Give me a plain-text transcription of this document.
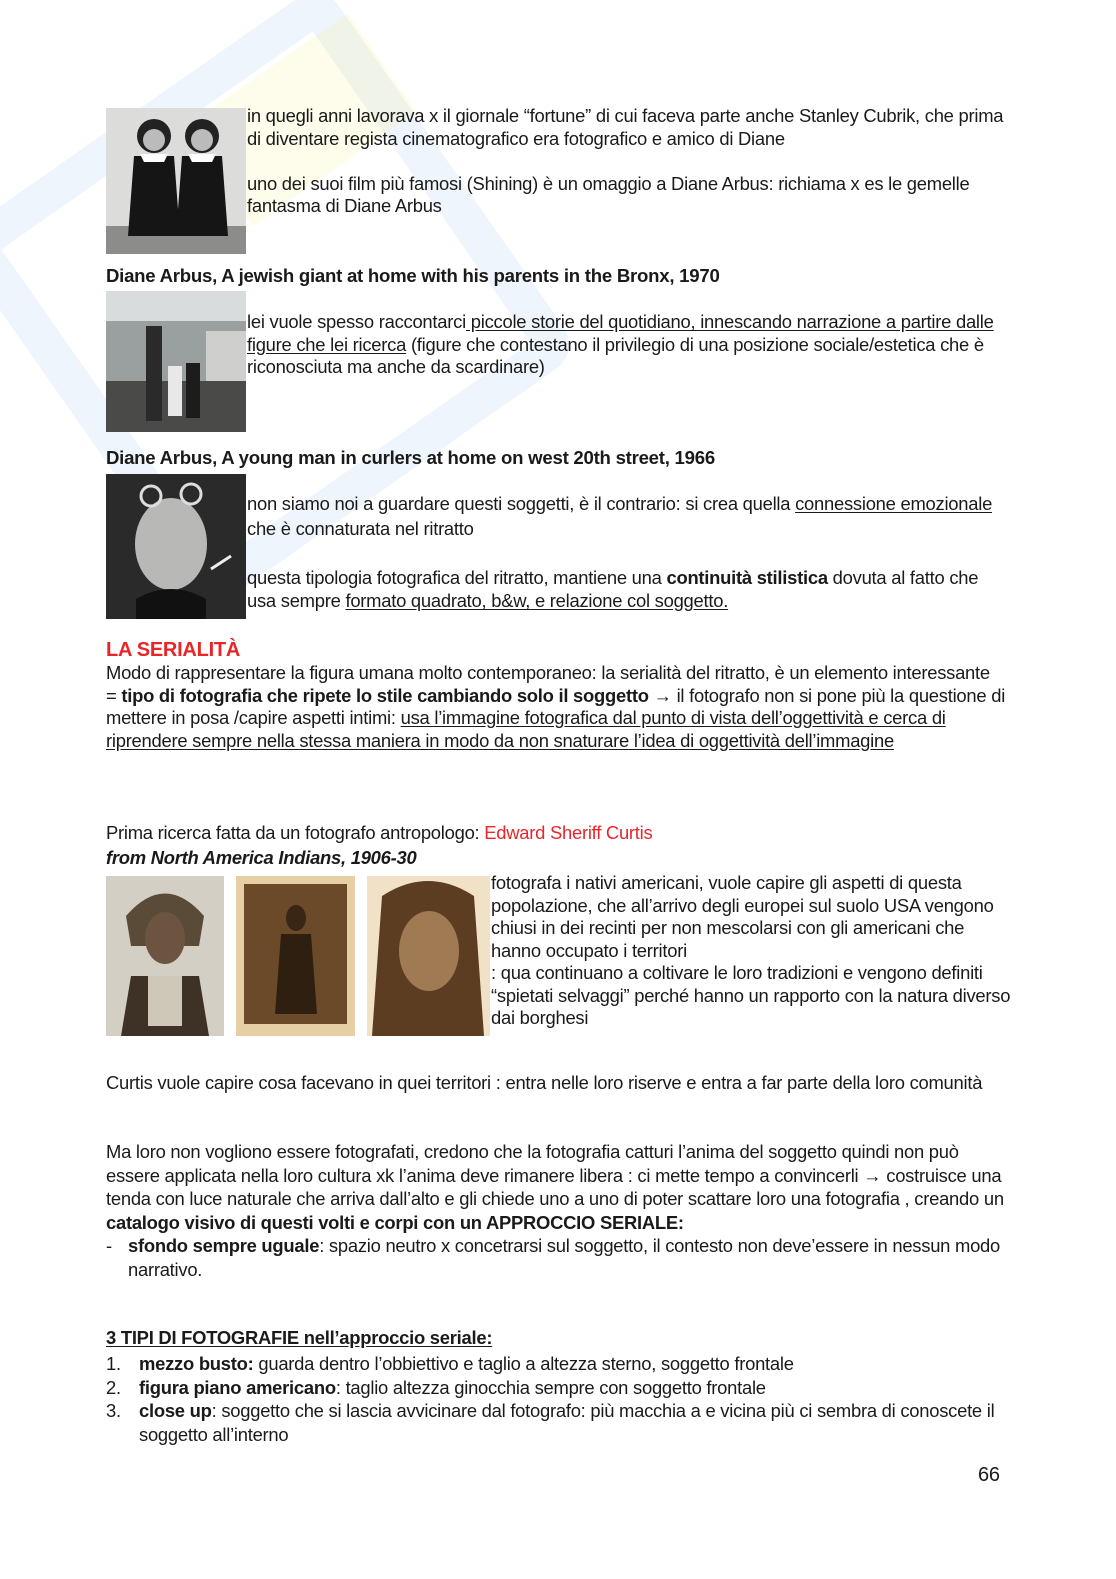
in quegli anni lavorava x il giornale “fortune” di cui faceva parte anche Stanley Cubrik, che prima di diventare regista cinematografico era fotografico e amico di Diane

uno dei suoi film più famosi (Shining) è un omaggio a Diane Arbus: richiama x es le gemelle fantasma di Diane Arbus

Diane Arbus, A jewish giant at home with his parents in the Bronx, 1970

lei vuole spesso raccontarci piccole storie del quotidiano, innescando narrazione a partire dalle figure che lei ricerca (figure che contestano il privilegio di una posizione sociale/estetica che è riconosciuta ma anche da scardinare)

Diane Arbus, A young man in curlers at home on west 20th street, 1966

non siamo noi a guardare questi soggetti, è il contrario: si crea quella connessione emozionale che è connaturata nel ritratto

questa tipologia fotografica del ritratto, mantiene una continuità stilistica dovuta al fatto che usa sempre formato quadrato, b&w, e relazione col soggetto.

LA SERIALITÀ

Modo di rappresentare la figura umana molto contemporaneo: la serialità del ritratto, è un elemento interessante

= tipo di fotografia che ripete lo stile cambiando solo il soggetto → il fotografo non si pone più la questione di mettere in posa /capire aspetti intimi: usa l’immagine fotografica dal punto di vista dell’oggettività e cerca di riprendere sempre nella stessa maniera in modo da non snaturare l’idea di oggettività dell’immagine

Prima ricerca fatta da un fotografo antropologo: Edward Sheriff Curtis
from North America Indians, 1906-30

fotografa i nativi americani, vuole capire gli aspetti di questa popolazione, che all’arrivo degli europei sul suolo USA vengono chiusi in dei recinti per non mescolarsi con gli americani che hanno occupato i territori

: qua continuano a coltivare le loro tradizioni e vengono definiti “spietati selvaggi” perché hanno un rapporto con la natura diverso dai borghesi

Curtis vuole capire cosa facevano in quei territori : entra nelle loro riserve e entra a far parte della loro comunità

Ma loro non vogliono essere fotografati, credono che la fotografia catturi l’anima del soggetto quindi non può essere applicata nella loro cultura xk l’anima deve rimanere libera : ci mette tempo a convincerli → costruisce una tenda con luce naturale che arriva dall’alto e gli chiede uno a uno di poter scattare loro una fotografia , creando un catalogo visivo di questi volti e corpi con un APPROCCIO SERIALE:

- sfondo sempre uguale: spazio neutro x concetrarsi sul soggetto, il contesto non deve’essere in nessun modo narrativo.
3 TIPI DI FOTOGRAFIE nell’approccio seriale:
1. mezzo busto: guarda dentro l’obbiettivo e taglio a altezza sterno, soggetto frontale
2. figura piano americano: taglio altezza ginocchia sempre con soggetto frontale
3. close up: soggetto che si lascia avvicinare dal fotografo: più macchia a e vicina più ci sembra di conoscete il soggetto all’interno
66
